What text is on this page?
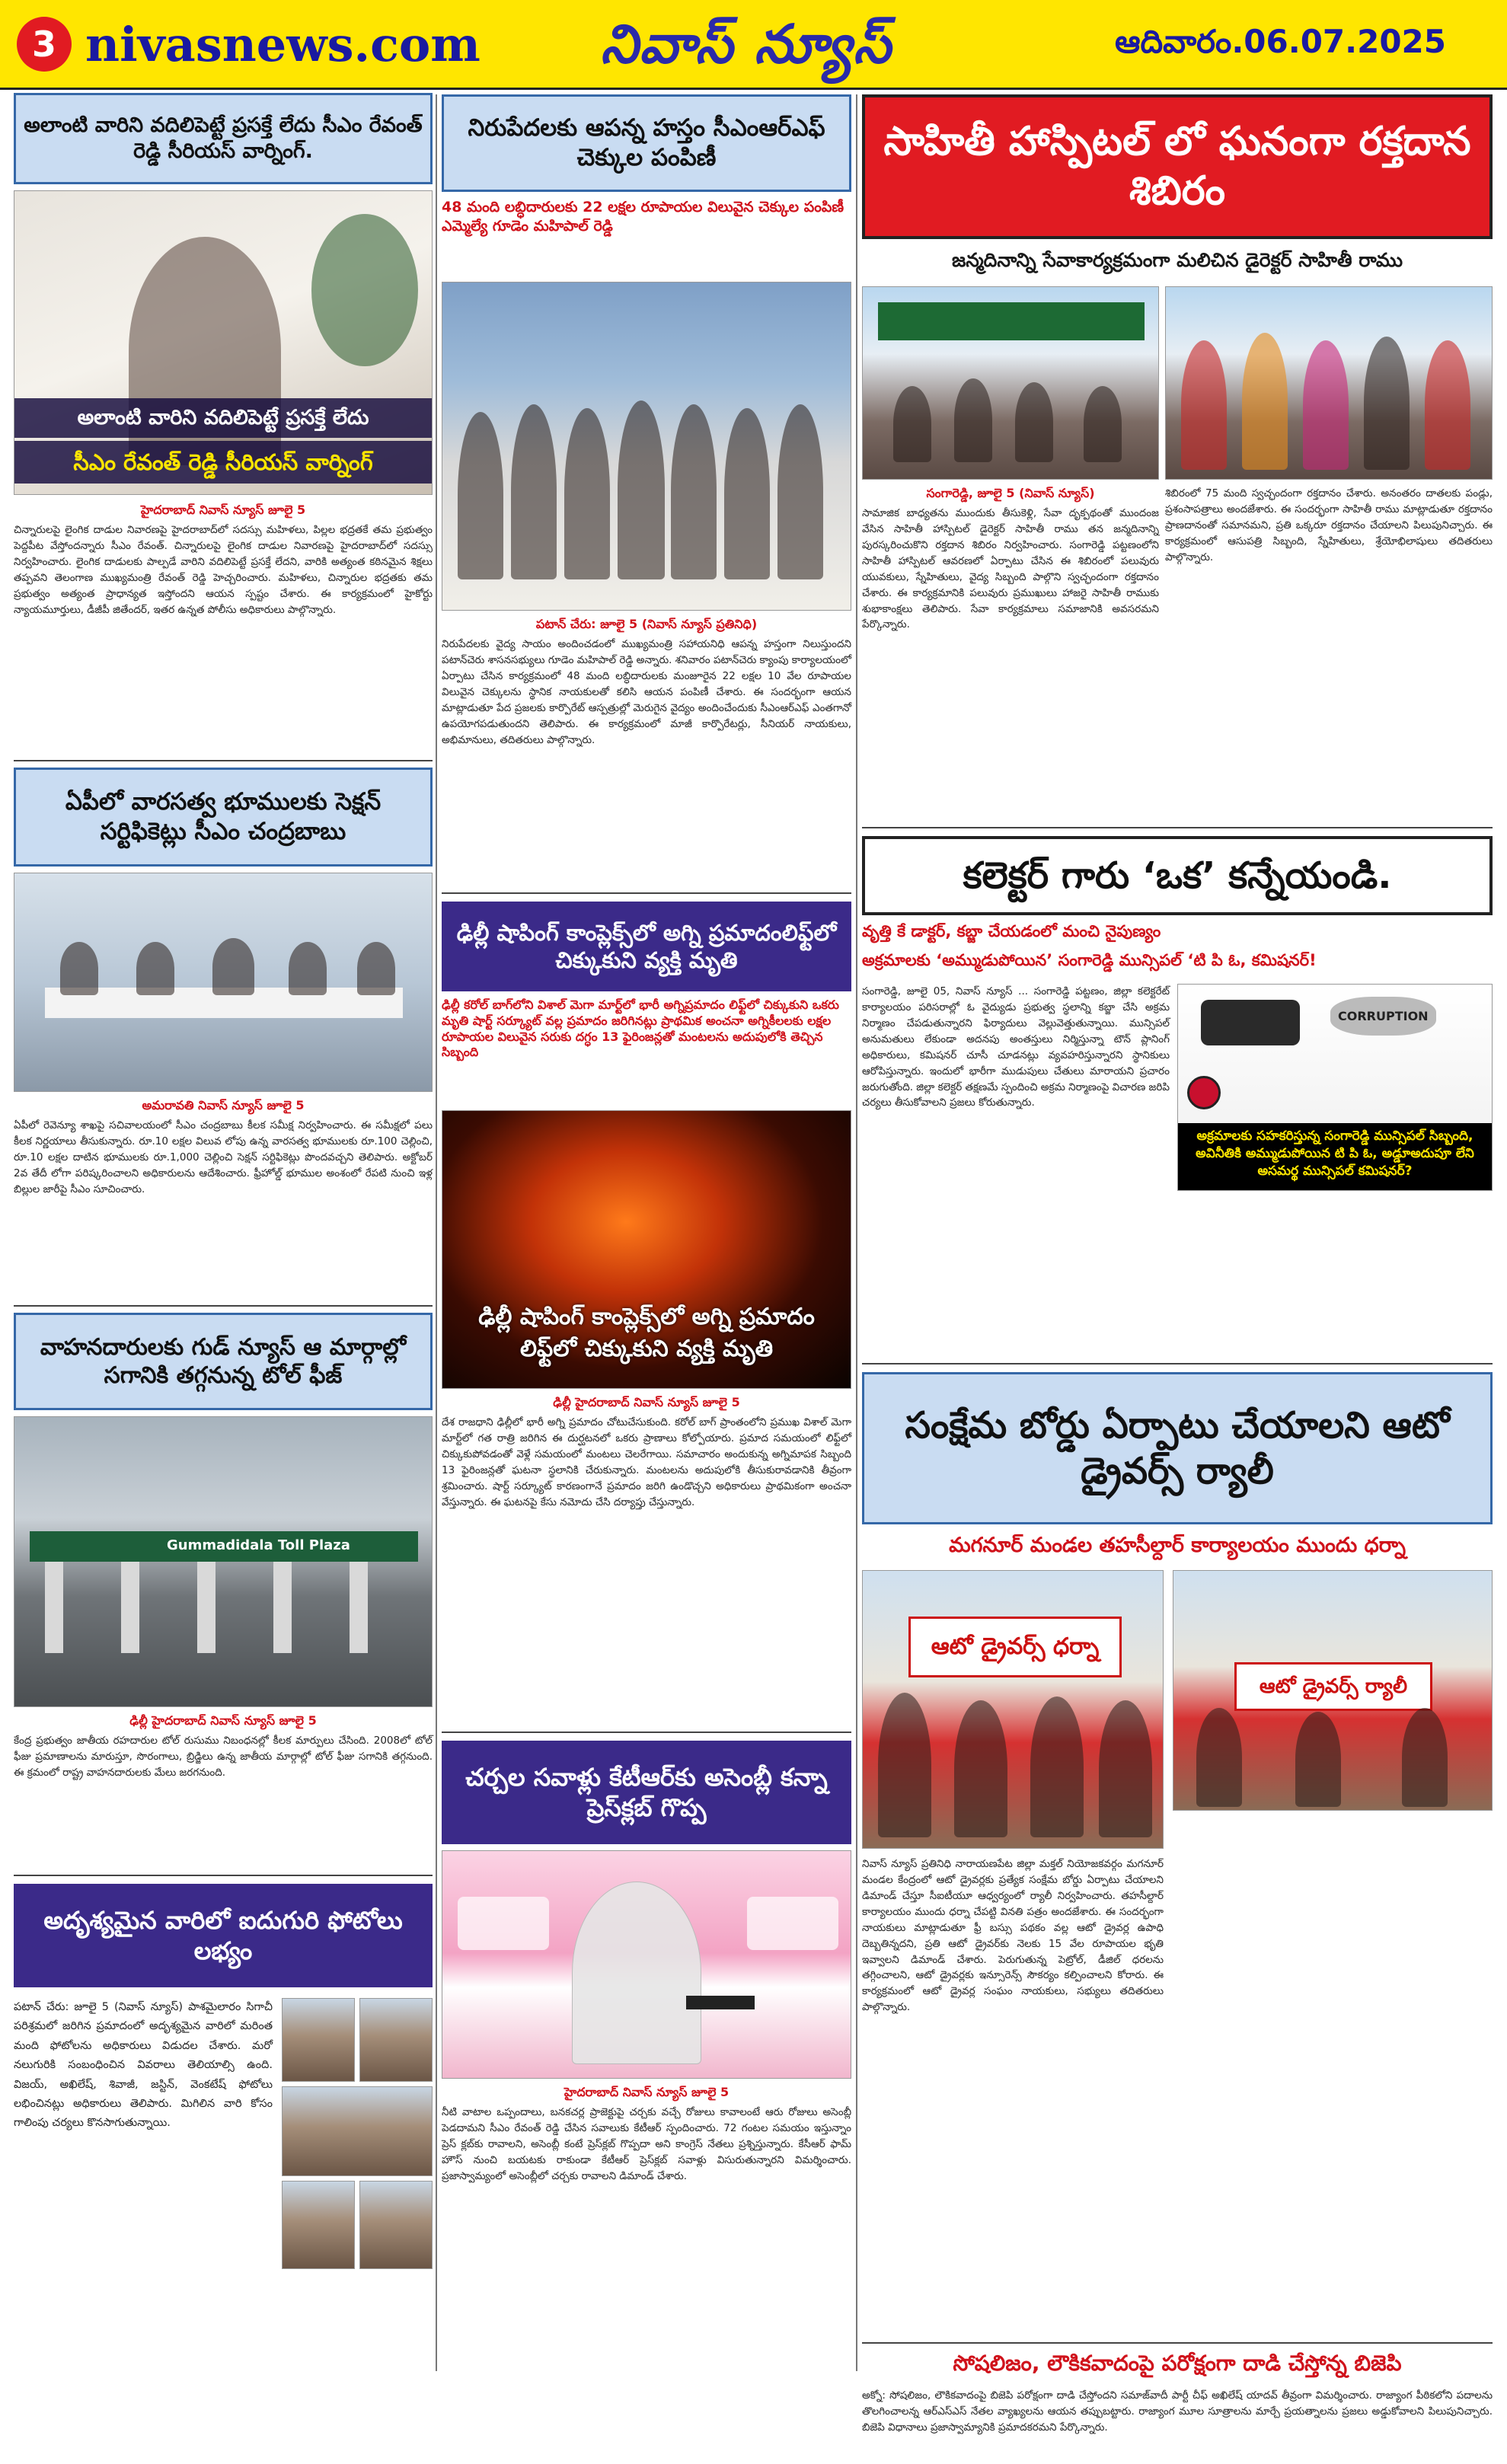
3 nivasnews.com	నివాస్ న్యూస్	ఆదివారం.06.07.2025
అలాంటి వారిని వదిలిపెట్టే ప్రసక్తే లేదు సీఎం రేవంత్ రెడ్డి సీరియస్ వార్నింగ్.
అలాంటి వారిని వదిలిపెట్టే ప్రసక్తే లేదు
సీఎం రేవంత్ రెడ్డి సీరియస్ వార్నింగ్
హైదరాబాద్ నివాస్ న్యూస్ జూలై 5
చిన్నారులపై లైంగిక దాడుల నివారణపై హైదరాబాద్‌లో సదస్సు మహిళలు, పిల్లల భద్రతకే తమ ప్రభుత్వం పెద్దపీట వేస్తోందన్నారు సీఎం రేవంత్. చిన్నారులపై లైంగిక దాడుల నివారణపై హైదరాబాద్‌లో సదస్సు నిర్వహించారు. లైంగిక దాడులకు పాల్పడే వారిని వదిలిపెట్టే ప్రసక్తే లేదని, వారికి అత్యంత కఠినమైన శిక్షలు తప్పవని తెలంగాణ ముఖ్యమంత్రి రేవంత్ రెడ్డి హెచ్చరించారు. మహిళలు, చిన్నారుల భద్రతకు తమ ప్రభుత్వం అత్యంత ప్రాధాన్యత ఇస్తోందని ఆయన స్పష్టం చేశారు. ఈ కార్యక్రమంలో హైకోర్టు న్యాయమూర్తులు, డీజీపీ జితేందర్, ఇతర ఉన్నత పోలీసు అధికారులు పాల్గొన్నారు.
ఏపీలో వారసత్వ భూములకు సెక్షన్ సర్టిఫికెట్లు సీఎం చంద్రబాబు
అమరావతి నివాస్ న్యూస్ జూలై 5
ఏపీలో రెవెన్యూ శాఖపై సచివాలయంలో సీఎం చంద్రబాబు కీలక సమీక్ష నిర్వహించారు. ఈ సమీక్షలో పలు కీలక నిర్ణయాలు తీసుకున్నారు. రూ.10 లక్షల విలువ లోపు ఉన్న వారసత్వ భూములకు రూ.100 చెల్లించి, రూ.10 లక్షల దాటిన భూములకు రూ.1,000 చెల్లించి సెక్షన్ సర్టిఫికెట్లు పొందవచ్చని తెలిపారు. అక్టోబర్ 2వ తేదీ లోగా పరిష్కరించాలని అధికారులను ఆదేశించారు. ఫ్రీహోల్డ్ భూముల అంశంలో రేపటి నుంచి ఇళ్ల బిల్లుల జారీపై సీఎం సూచించారు.
వాహనదారులకు గుడ్ న్యూస్ ఆ మార్గాల్లో సగానికి తగ్గనున్న టోల్ ఫీజ్
Gummadidala Toll Plaza
ఢిల్లీ హైదరాబాద్ నివాస్ న్యూస్ జూలై 5
కేంద్ర ప్రభుత్వం జాతీయ రహదారుల టోల్ రుసుము నిబంధనల్లో కీలక మార్పులు చేసింది. 2008లో టోల్ ఫీజు ప్రమాణాలను మారుస్తూ, సొరంగాలు, బ్రిడ్జిలు ఉన్న జాతీయ మార్గాల్లో టోల్ ఫీజు సగానికి తగ్గనుంది. ఈ క్రమంలో రాష్ట్ర వాహనదారులకు మేలు జరగనుంది.
అదృశ్యమైన వారిలో ఐదుగురి ఫోటోలు లభ్యం
పటాన్ చేరు: జూలై 5 (నివాస్ న్యూస్) పాశమైలారం సిగాచీ పరిశ్రమలో జరిగిన ప్రమాదంలో అదృశ్యమైన వారిలో మరింత మంది ఫోటోలను అధికారులు విడుదల చేశారు. మరో నలుగురికి సంబంధించిన వివరాలు తెలియాల్సి ఉంది. విజయ్, అఖిలేష్, శివాజీ, జస్టిన్, వెంకటేష్ ఫోటోలు లభించినట్లు అధికారులు తెలిపారు. మిగిలిన వారి కోసం గాలింపు చర్యలు కొనసాగుతున్నాయి.
నిరుపేదలకు ఆపన్న హస్తం సీఎంఆర్ఎఫ్ చెక్కుల పంపిణీ
48 మంది లబ్ధిదారులకు 22 లక్షల రూపాయల విలువైన చెక్కుల పంపిణీ ఎమ్మెల్యే గూడెం మహిపాల్ రెడ్డి
పటాన్ చేరు: జూలై 5 (నివాస్ న్యూస్ ప్రతినిధి)
నిరుపేదలకు వైద్య సాయం అందించడంలో ముఖ్యమంత్రి సహాయనిధి ఆపన్న హస్తంగా నిలుస్తుందని పటాన్‌చెరు శాసనసభ్యులు గూడెం మహిపాల్ రెడ్డి అన్నారు. శనివారం పటాన్‌చెరు క్యాంపు కార్యాలయంలో ఏర్పాటు చేసిన కార్యక్రమంలో 48 మంది లబ్ధిదారులకు మంజూరైన 22 లక్షల 10 వేల రూపాయల విలువైన చెక్కులను స్థానిక నాయకులతో కలిసి ఆయన పంపిణీ చేశారు. ఈ సందర్భంగా ఆయన మాట్లాడుతూ పేద ప్రజలకు కార్పొరేట్ ఆస్పత్రుల్లో మెరుగైన వైద్యం అందించేందుకు సీఎంఆర్ఎఫ్ ఎంతగానో ఉపయోగపడుతుందని తెలిపారు. ఈ కార్యక్రమంలో మాజీ కార్పొరేటర్లు, సీనియర్ నాయకులు, అభిమానులు, తదితరులు పాల్గొన్నారు.
ఢిల్లీ షాపింగ్ కాంప్లెక్స్‌లో అగ్ని ప్రమాదంలిఫ్ట్‌లో చిక్కుకుని వ్యక్తి మృతి
ఢిల్లీ కరోల్ బాగ్‌లోని విశాల్ మెగా మార్ట్‌లో భారీ అగ్నిప్రమాదం లిఫ్ట్‌లో చిక్కుకుని ఒకరు మృతి షార్ట్ సర్క్యూట్ వల్ల ప్రమాదం జరిగినట్లు ప్రాథమిక అంచనా అగ్నికీలలకు లక్షల రూపాయల విలువైన సరుకు దగ్ధం 13 ఫైరింజన్లతో మంటలను అదుపులోకి తెచ్చిన సిబ్బంది
ఢిల్లీ షాపింగ్ కాంప్లెక్స్‌లో అగ్ని ప్రమాదం లిఫ్ట్‌లో చిక్కుకుని వ్యక్తి మృతి
ఢిల్లీ హైదరాబాద్ నివాస్ న్యూస్ జూలై 5
దేశ రాజధాని ఢిల్లీలో భారీ అగ్ని ప్రమాదం చోటుచేసుకుంది. కరోల్ బాగ్ ప్రాంతంలోని ప్రముఖ విశాల్ మెగా మార్ట్‌లో గత రాత్రి జరిగిన ఈ దుర్ఘటనలో ఒకరు ప్రాణాలు కోల్పోయారు. ప్రమాద సమయంలో లిఫ్ట్‌లో చిక్కుకుపోవడంతో వెళ్లే సమయంలో మంటలు చెలరేగాయి. సమాచారం అందుకున్న అగ్నిమాపక సిబ్బంది 13 ఫైరింజన్లతో ఘటనా స్థలానికి చేరుకున్నారు. మంటలను అదుపులోకి తీసుకురావడానికి తీవ్రంగా శ్రమించారు. షార్ట్ సర్క్యూట్ కారణంగానే ప్రమాదం జరిగి ఉండొచ్చని అధికారులు ప్రాథమికంగా అంచనా వేస్తున్నారు. ఈ ఘటనపై కేసు నమోదు చేసి దర్యాప్తు చేస్తున్నారు.
చర్చల సవాళ్లు కేటీఆర్‌కు అసెంబ్లీ కన్నా ప్రెస్‌క్లబ్ గొప్ప
హైదరాబాద్ నివాస్ న్యూస్ జూలై 5
నీటి వాటాల ఒప్పందాలు, బనకచర్ల ప్రాజెక్టుపై చర్చకు వచ్చే రోజులు కావాలంటే ఆరు రోజులు అసెంబ్లీ పెడదామని సీఎం రేవంత్ రెడ్డి చేసిన సవాలుకు కేటీఆర్ స్పందించారు. 72 గంటల సమయం ఇస్తున్నాం ప్రెస్ క్లబ్‌కు రావాలని, అసెంబ్లీ కంటే ప్రెస్‌క్లబ్ గొప్పదా అని కాంగ్రెస్ నేతలు ప్రశ్నిస్తున్నారు. కేసీఆర్ ఫామ్ హౌస్ నుంచి బయటకు రాకుండా కేటీఆర్ ప్రెస్‌క్లబ్ సవాళ్లు విసురుతున్నారని విమర్శించారు. ప్రజాస్వామ్యంలో అసెంబ్లీలో చర్చకు రావాలని డిమాండ్ చేశారు.
సాహితీ హాస్పిటల్ లో ఘనంగా రక్తదాన శిబిరం
జన్మదినాన్ని సేవాకార్యక్రమంగా మలిచిన డైరెక్టర్ సాహితీ రాము
సంగారెడ్డి, జూలై 5 (నివాస్ న్యూస్)
సామాజిక బాధ్యతను ముందుకు తీసుకెళ్లి, సేవా దృక్పథంతో ముందంజ వేసిన సాహితీ హాస్పిటల్ డైరెక్టర్ సాహితీ రాము తన జన్మదినాన్ని పురస్కరించుకొని రక్తదాన శిబిరం నిర్వహించారు. సంగారెడ్డి పట్టణంలోని సాహితీ హాస్పిటల్ ఆవరణలో ఏర్పాటు చేసిన ఈ శిబిరంలో పలువురు యువకులు, స్నేహితులు, వైద్య సిబ్బంది పాల్గొని స్వచ్ఛందంగా రక్తదానం చేశారు. ఈ కార్యక్రమానికి పలువురు ప్రముఖులు హాజరై సాహితీ రాముకు శుభాకాంక్షలు తెలిపారు. సేవా కార్యక్రమాలు సమాజానికి అవసరమని పేర్కొన్నారు.
శిబిరంలో 75 మంది స్వచ్ఛందంగా రక్తదానం చేశారు. అనంతరం దాతలకు పండ్లు, ప్రశంసాపత్రాలు అందజేశారు. ఈ సందర్భంగా సాహితీ రాము మాట్లాడుతూ రక్తదానం ప్రాణదానంతో సమానమని, ప్రతి ఒక్కరూ రక్తదానం చేయాలని పిలుపునిచ్చారు. ఈ కార్యక్రమంలో ఆసుపత్రి సిబ్బంది, స్నేహితులు, శ్రేయోభిలాషులు తదితరులు పాల్గొన్నారు.
కలెక్టర్ గారు ‘ఒక’ కన్నేయండి.
వృత్తి కే డాక్టర్, కబ్జా చేయడంలో మంచి నైపుణ్యం
అక్రమాలకు ‘అమ్ముడుపోయిన’ సంగారెడ్డి మున్సిపల్ ‘టి పి ఓ, కమిషనర్!
సంగారెడ్డి, జూలై 05, నివాస్ న్యూస్ ... సంగారెడ్డి పట్టణం, జిల్లా కలెక్టరేట్ కార్యాలయం పరిసరాల్లో ఓ వైద్యుడు ప్రభుత్వ స్థలాన్ని కబ్జా చేసి అక్రమ నిర్మాణం చేపడుతున్నారని ఫిర్యాదులు వెల్లువెత్తుతున్నాయి. మున్సిపల్ అనుమతులు లేకుండా అదనపు అంతస్తులు నిర్మిస్తున్నా టౌన్ ప్లానింగ్ అధికారులు, కమిషనర్ చూసీ చూడనట్లు వ్యవహరిస్తున్నారని స్థానికులు ఆరోపిస్తున్నారు. ఇందులో భారీగా ముడుపులు చేతులు మారాయని ప్రచారం జరుగుతోంది. జిల్లా కలెక్టర్ తక్షణమే స్పందించి అక్రమ నిర్మాణంపై విచారణ జరిపి చర్యలు తీసుకోవాలని ప్రజలు కోరుతున్నారు.
CORRUPTION
అక్రమాలకు సహకరిస్తున్న సంగారెడ్డి మున్సిపల్ సిబ్బంది, అవినీతికి అమ్ముడుపోయిన టి పి ఓ, అడ్డూఅదుపూ లేని అసమర్థ మున్సిపల్ కమిషనర్?
సంక్షేమ బోర్డు ఏర్పాటు చేయాలని ఆటో డ్రైవర్స్ ర్యాలీ
మగనూర్ మండల తహసీల్దార్ కార్యాలయం ముందు ధర్నా
ఆటో డ్రైవర్స్ ధర్నా
ఆటో డ్రైవర్స్ ర్యాలీ
నివాస్ న్యూస్ ప్రతినిధి నారాయణపేట జిల్లా మక్తల్ నియోజకవర్గం మగనూర్ మండల కేంద్రంలో ఆటో డ్రైవర్లకు ప్రత్యేక సంక్షేమ బోర్డు ఏర్పాటు చేయాలని డిమాండ్ చేస్తూ సీఐటీయూ ఆధ్వర్యంలో ర్యాలీ నిర్వహించారు. తహసీల్దార్ కార్యాలయం ముందు ధర్నా చేపట్టి వినతి పత్రం అందజేశారు. ఈ సందర్భంగా నాయకులు మాట్లాడుతూ ఫ్రీ బస్సు పథకం వల్ల ఆటో డ్రైవర్ల ఉపాధి దెబ్బతిన్నదని, ప్రతి ఆటో డ్రైవర్‌కు నెలకు 15 వేల రూపాయల భృతి ఇవ్వాలని డిమాండ్ చేశారు. పెరుగుతున్న పెట్రోల్, డీజిల్ ధరలను తగ్గించాలని, ఆటో డ్రైవర్లకు ఇన్సూరెన్స్ సౌకర్యం కల్పించాలని కోరారు. ఈ కార్యక్రమంలో ఆటో డ్రైవర్ల సంఘం నాయకులు, సభ్యులు తదితరులు పాల్గొన్నారు.
సోషలిజం, లౌకికవాదంపై పరోక్షంగా దాడి చేస్తోన్న బిజెపి
అక్నో: సోషలిజం, లౌకికవాదంపై బిజెపి పరోక్షంగా దాడి చేస్తోందని సమాజ్‌వాదీ పార్టీ చీఫ్ అఖిలేష్ యాదవ్ తీవ్రంగా విమర్శించారు. రాజ్యాంగ పీఠికలోని పదాలను తొలగించాలన్న ఆర్‌ఎస్‌ఎస్ నేతల వ్యాఖ్యలను ఆయన తప్పుబట్టారు. రాజ్యాంగ మూల సూత్రాలను మార్చే ప్రయత్నాలను ప్రజలు అడ్డుకోవాలని పిలుపునిచ్చారు. బిజెపి విధానాలు ప్రజాస్వామ్యానికి ప్రమాదకరమని పేర్కొన్నారు.
